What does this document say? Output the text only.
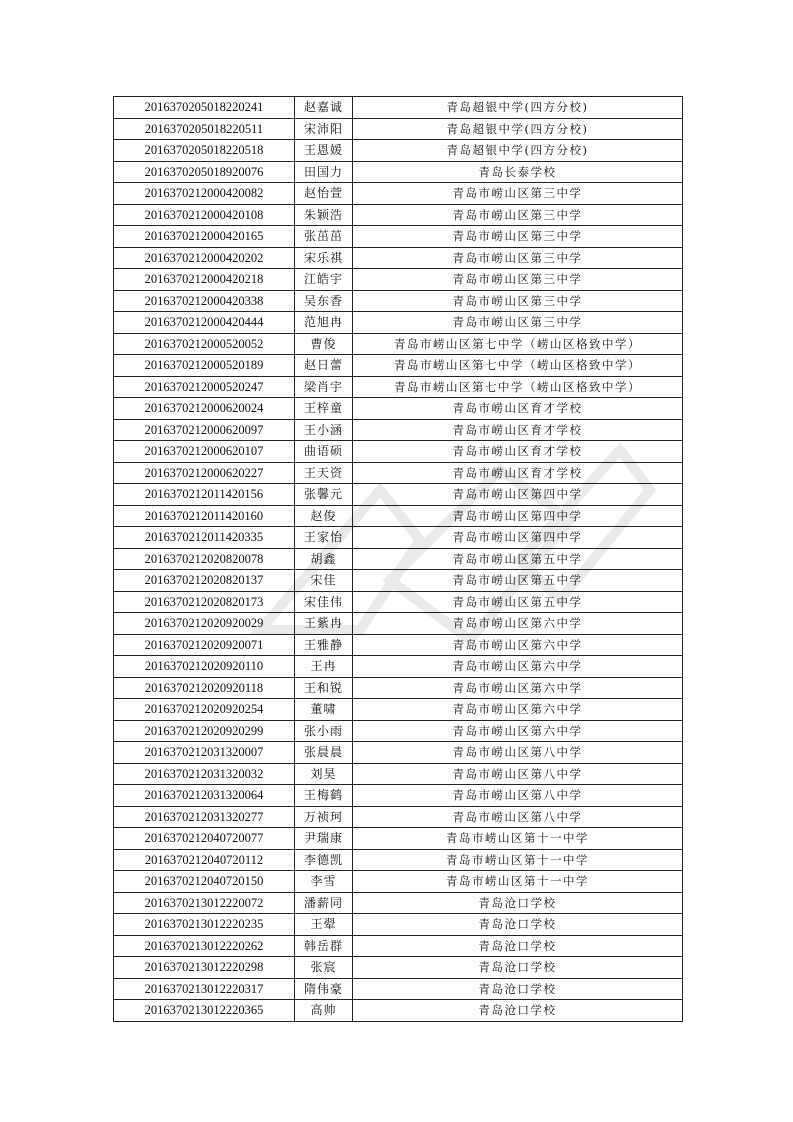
2016370205018220241	赵嘉诚	青岛超银中学(四方分校)
2016370205018220511	宋沛阳	青岛超银中学(四方分校)
2016370205018220518	王恩媛	青岛超银中学(四方分校)
2016370205018920076	田国力	青岛长泰学校
2016370212000420082	赵怡萱	青岛市崂山区第三中学
2016370212000420108	朱颖浩	青岛市崂山区第三中学
2016370212000420165	张茁茁	青岛市崂山区第三中学
2016370212000420202	宋乐祺	青岛市崂山区第三中学
2016370212000420218	江皓宇	青岛市崂山区第三中学
2016370212000420338	吴东香	青岛市崂山区第三中学
2016370212000420444	范旭冉	青岛市崂山区第三中学
2016370212000520052	曹俊	青岛市崂山区第七中学（崂山区格致中学）
2016370212000520189	赵日蕾	青岛市崂山区第七中学（崂山区格致中学）
2016370212000520247	梁肖宇	青岛市崂山区第七中学（崂山区格致中学）
2016370212000620024	王梓童	青岛市崂山区育才学校
2016370212000620097	王小涵	青岛市崂山区育才学校
2016370212000620107	曲语硕	青岛市崂山区育才学校
2016370212000620227	王天资	青岛市崂山区育才学校
2016370212011420156	张馨元	青岛市崂山区第四中学
2016370212011420160	赵俊	青岛市崂山区第四中学
2016370212011420335	王家怡	青岛市崂山区第四中学
2016370212020820078	胡鑫	青岛市崂山区第五中学
2016370212020820137	宋佳	青岛市崂山区第五中学
2016370212020820173	宋佳伟	青岛市崂山区第五中学
2016370212020920029	王紫冉	青岛市崂山区第六中学
2016370212020920071	王雅静	青岛市崂山区第六中学
2016370212020920110	王冉	青岛市崂山区第六中学
2016370212020920118	王和锐	青岛市崂山区第六中学
2016370212020920254	董啸	青岛市崂山区第六中学
2016370212020920299	张小雨	青岛市崂山区第六中学
2016370212031320007	张晨晨	青岛市崂山区第八中学
2016370212031320032	刘昊	青岛市崂山区第八中学
2016370212031320064	王梅鹤	青岛市崂山区第八中学
2016370212031320277	万祯珂	青岛市崂山区第八中学
2016370212040720077	尹瑞康	青岛市崂山区第十一中学
2016370212040720112	李德凯	青岛市崂山区第十一中学
2016370212040720150	李雪	青岛市崂山区第十一中学
2016370213012220072	潘薪同	青岛沧口学校
2016370213012220235	王翚	青岛沧口学校
2016370213012220262	韩岳群	青岛沧口学校
2016370213012220298	张宸	青岛沧口学校
2016370213012220317	隋伟豪	青岛沧口学校
2016370213012220365	高帅	青岛沧口学校
